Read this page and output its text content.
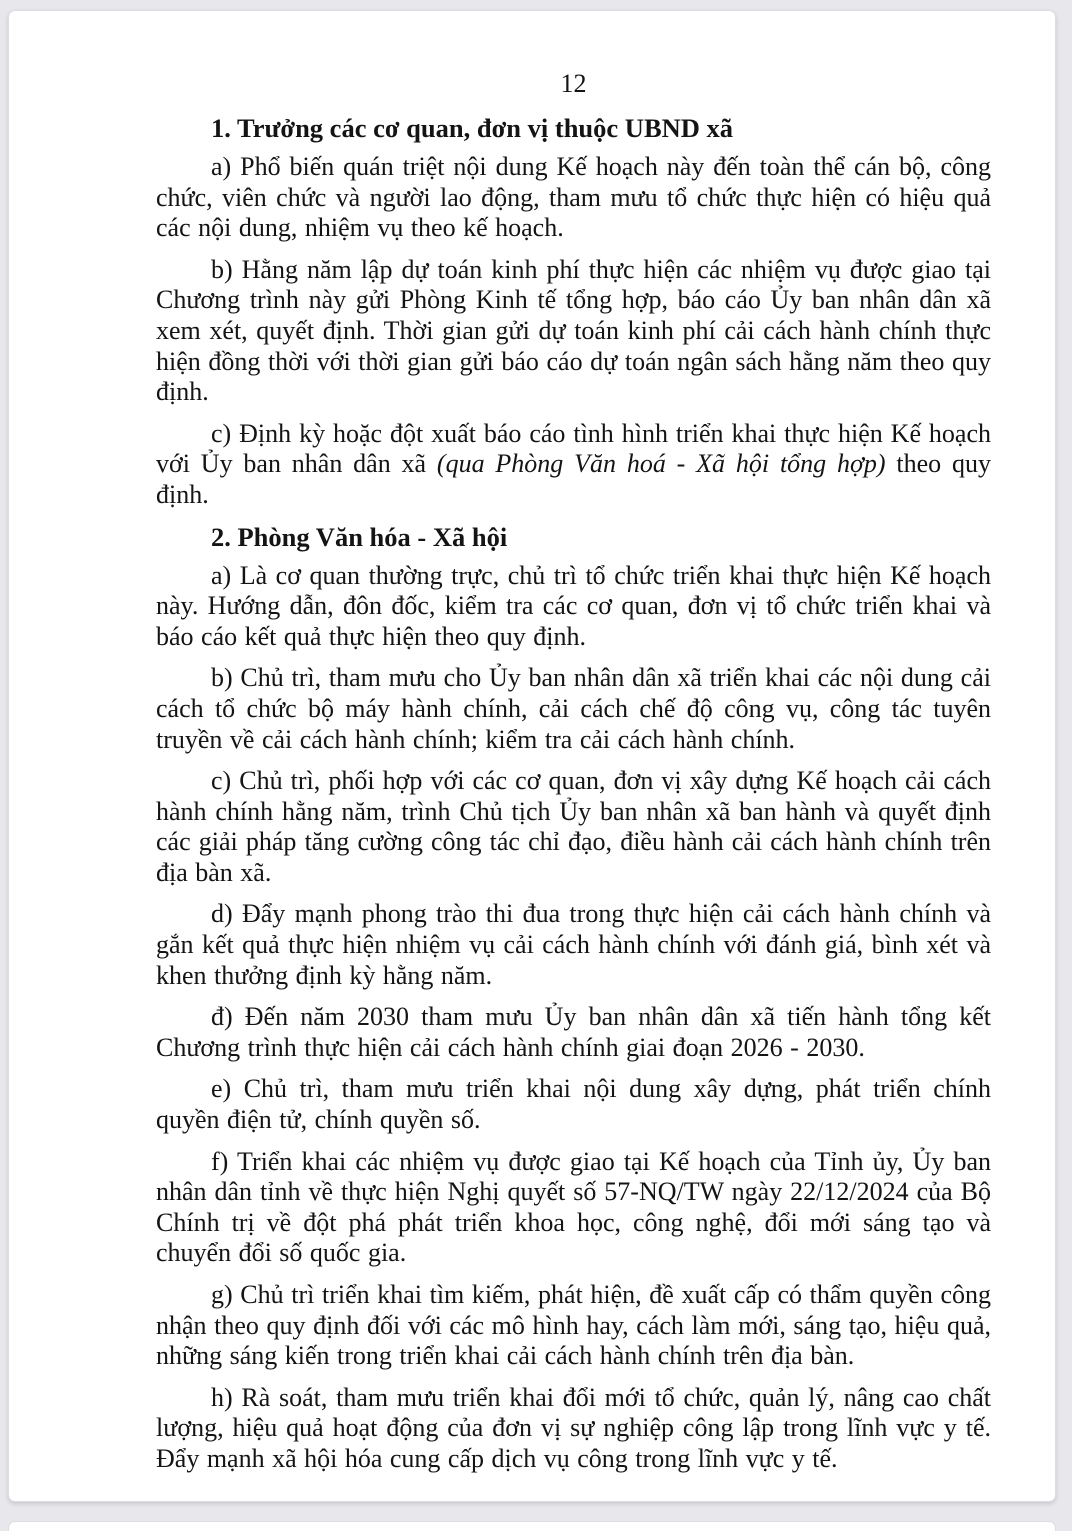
12
1. Trưởng các cơ quan, đơn vị thuộc UBND xã

a) Phổ biến quán triệt nội dung Kế hoạch này đến toàn thể cán bộ, công chức, viên chức và người lao động, tham mưu tổ chức thực hiện có hiệu quả các nội dung, nhiệm vụ theo kế hoạch.

b) Hằng năm lập dự toán kinh phí thực hiện các nhiệm vụ được giao tại Chương trình này gửi Phòng Kinh tế tổng hợp, báo cáo Ủy ban nhân dân xã xem xét, quyết định. Thời gian gửi dự toán kinh phí cải cách hành chính thực hiện đồng thời với thời gian gửi báo cáo dự toán ngân sách hằng năm theo quy định.

c) Định kỳ hoặc đột xuất báo cáo tình hình triển khai thực hiện Kế hoạch với Ủy ban nhân dân xã (qua Phòng Văn hoá - Xã hội tổng hợp) theo quy định.

2. Phòng Văn hóa - Xã hội

a) Là cơ quan thường trực, chủ trì tổ chức triển khai thực hiện Kế hoạch này. Hướng dẫn, đôn đốc, kiểm tra các cơ quan, đơn vị tổ chức triển khai và báo cáo kết quả thực hiện theo quy định.

b) Chủ trì, tham mưu cho Ủy ban nhân dân xã triển khai các nội dung cải cách tổ chức bộ máy hành chính, cải cách chế độ công vụ, công tác tuyên truyền về cải cách hành chính; kiểm tra cải cách hành chính.

c) Chủ trì, phối hợp với các cơ quan, đơn vị xây dựng Kế hoạch cải cách hành chính hằng năm, trình Chủ tịch Ủy ban nhân xã ban hành và quyết định các giải pháp tăng cường công tác chỉ đạo, điều hành cải cách hành chính trên địa bàn xã.

d) Đẩy mạnh phong trào thi đua trong thực hiện cải cách hành chính và gắn kết quả thực hiện nhiệm vụ cải cách hành chính với đánh giá, bình xét và khen thưởng định kỳ hằng năm.

đ) Đến năm 2030 tham mưu Ủy ban nhân dân xã tiến hành tổng kết Chương trình thực hiện cải cách hành chính giai đoạn 2026 - 2030.

e) Chủ trì, tham mưu triển khai nội dung xây dựng, phát triển chính quyền điện tử, chính quyền số.

f) Triển khai các nhiệm vụ được giao tại Kế hoạch của Tỉnh ủy, Ủy ban nhân dân tỉnh về thực hiện Nghị quyết số 57-NQ/TW ngày 22/12/2024 của Bộ Chính trị về đột phá phát triển khoa học, công nghệ, đổi mới sáng tạo và chuyển đổi số quốc gia.

g) Chủ trì triển khai tìm kiếm, phát hiện, đề xuất cấp có thẩm quyền công nhận theo quy định đối với các mô hình hay, cách làm mới, sáng tạo, hiệu quả, những sáng kiến trong triển khai cải cách hành chính trên địa bàn.

h) Rà soát, tham mưu triển khai đổi mới tổ chức, quản lý, nâng cao chất lượng, hiệu quả hoạt động của đơn vị sự nghiệp công lập trong lĩnh vực y tế. Đẩy mạnh xã hội hóa cung cấp dịch vụ công trong lĩnh vực y tế.
